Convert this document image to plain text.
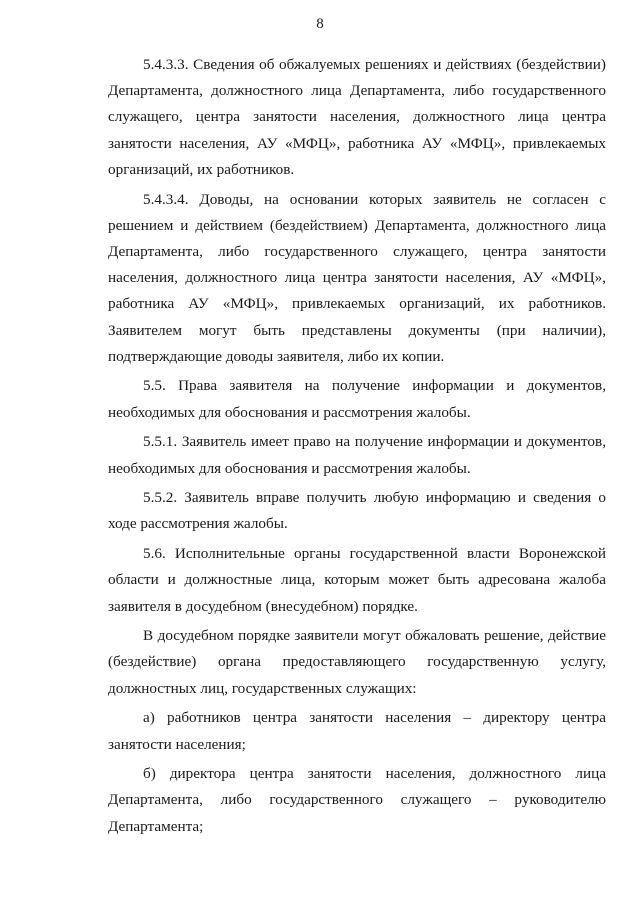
8

5.4.3.3. Сведения об обжалуемых решениях и действиях (бездействии) Департамента, должностного лица Департамента, либо государственного служащего, центра занятости населения, должностного лица центра занятости населения, АУ «МФЦ», работника АУ «МФЦ», привлекаемых организаций, их работников.

5.4.3.4. Доводы, на основании которых заявитель не согласен с решением и действием (бездействием) Департамента, должностного лица Департамента, либо государственного служащего, центра занятости населения, должностного лица центра занятости населения, АУ «МФЦ», работника АУ «МФЦ», привлекаемых организаций, их работников. Заявителем могут быть представлены документы (при наличии), подтверждающие доводы заявителя, либо их копии.

5.5. Права заявителя на получение информации и документов, необходимых для обоснования и рассмотрения жалобы.

5.5.1. Заявитель имеет право на получение информации и документов, необходимых для обоснования и рассмотрения жалобы.

5.5.2. Заявитель вправе получить любую информацию и сведения о ходе рассмотрения жалобы.

5.6. Исполнительные органы государственной власти Воронежской области и должностные лица, которым может быть адресована жалоба заявителя в досудебном (внесудебном) порядке.

В досудебном порядке заявители могут обжаловать решение, действие (бездействие) органа предоставляющего государственную услугу, должностных лиц, государственных служащих:

а) работников центра занятости населения – директору центра занятости населения;

б) директора центра занятости населения, должностного лица Департамента, либо государственного служащего – руководителю Департамента;
